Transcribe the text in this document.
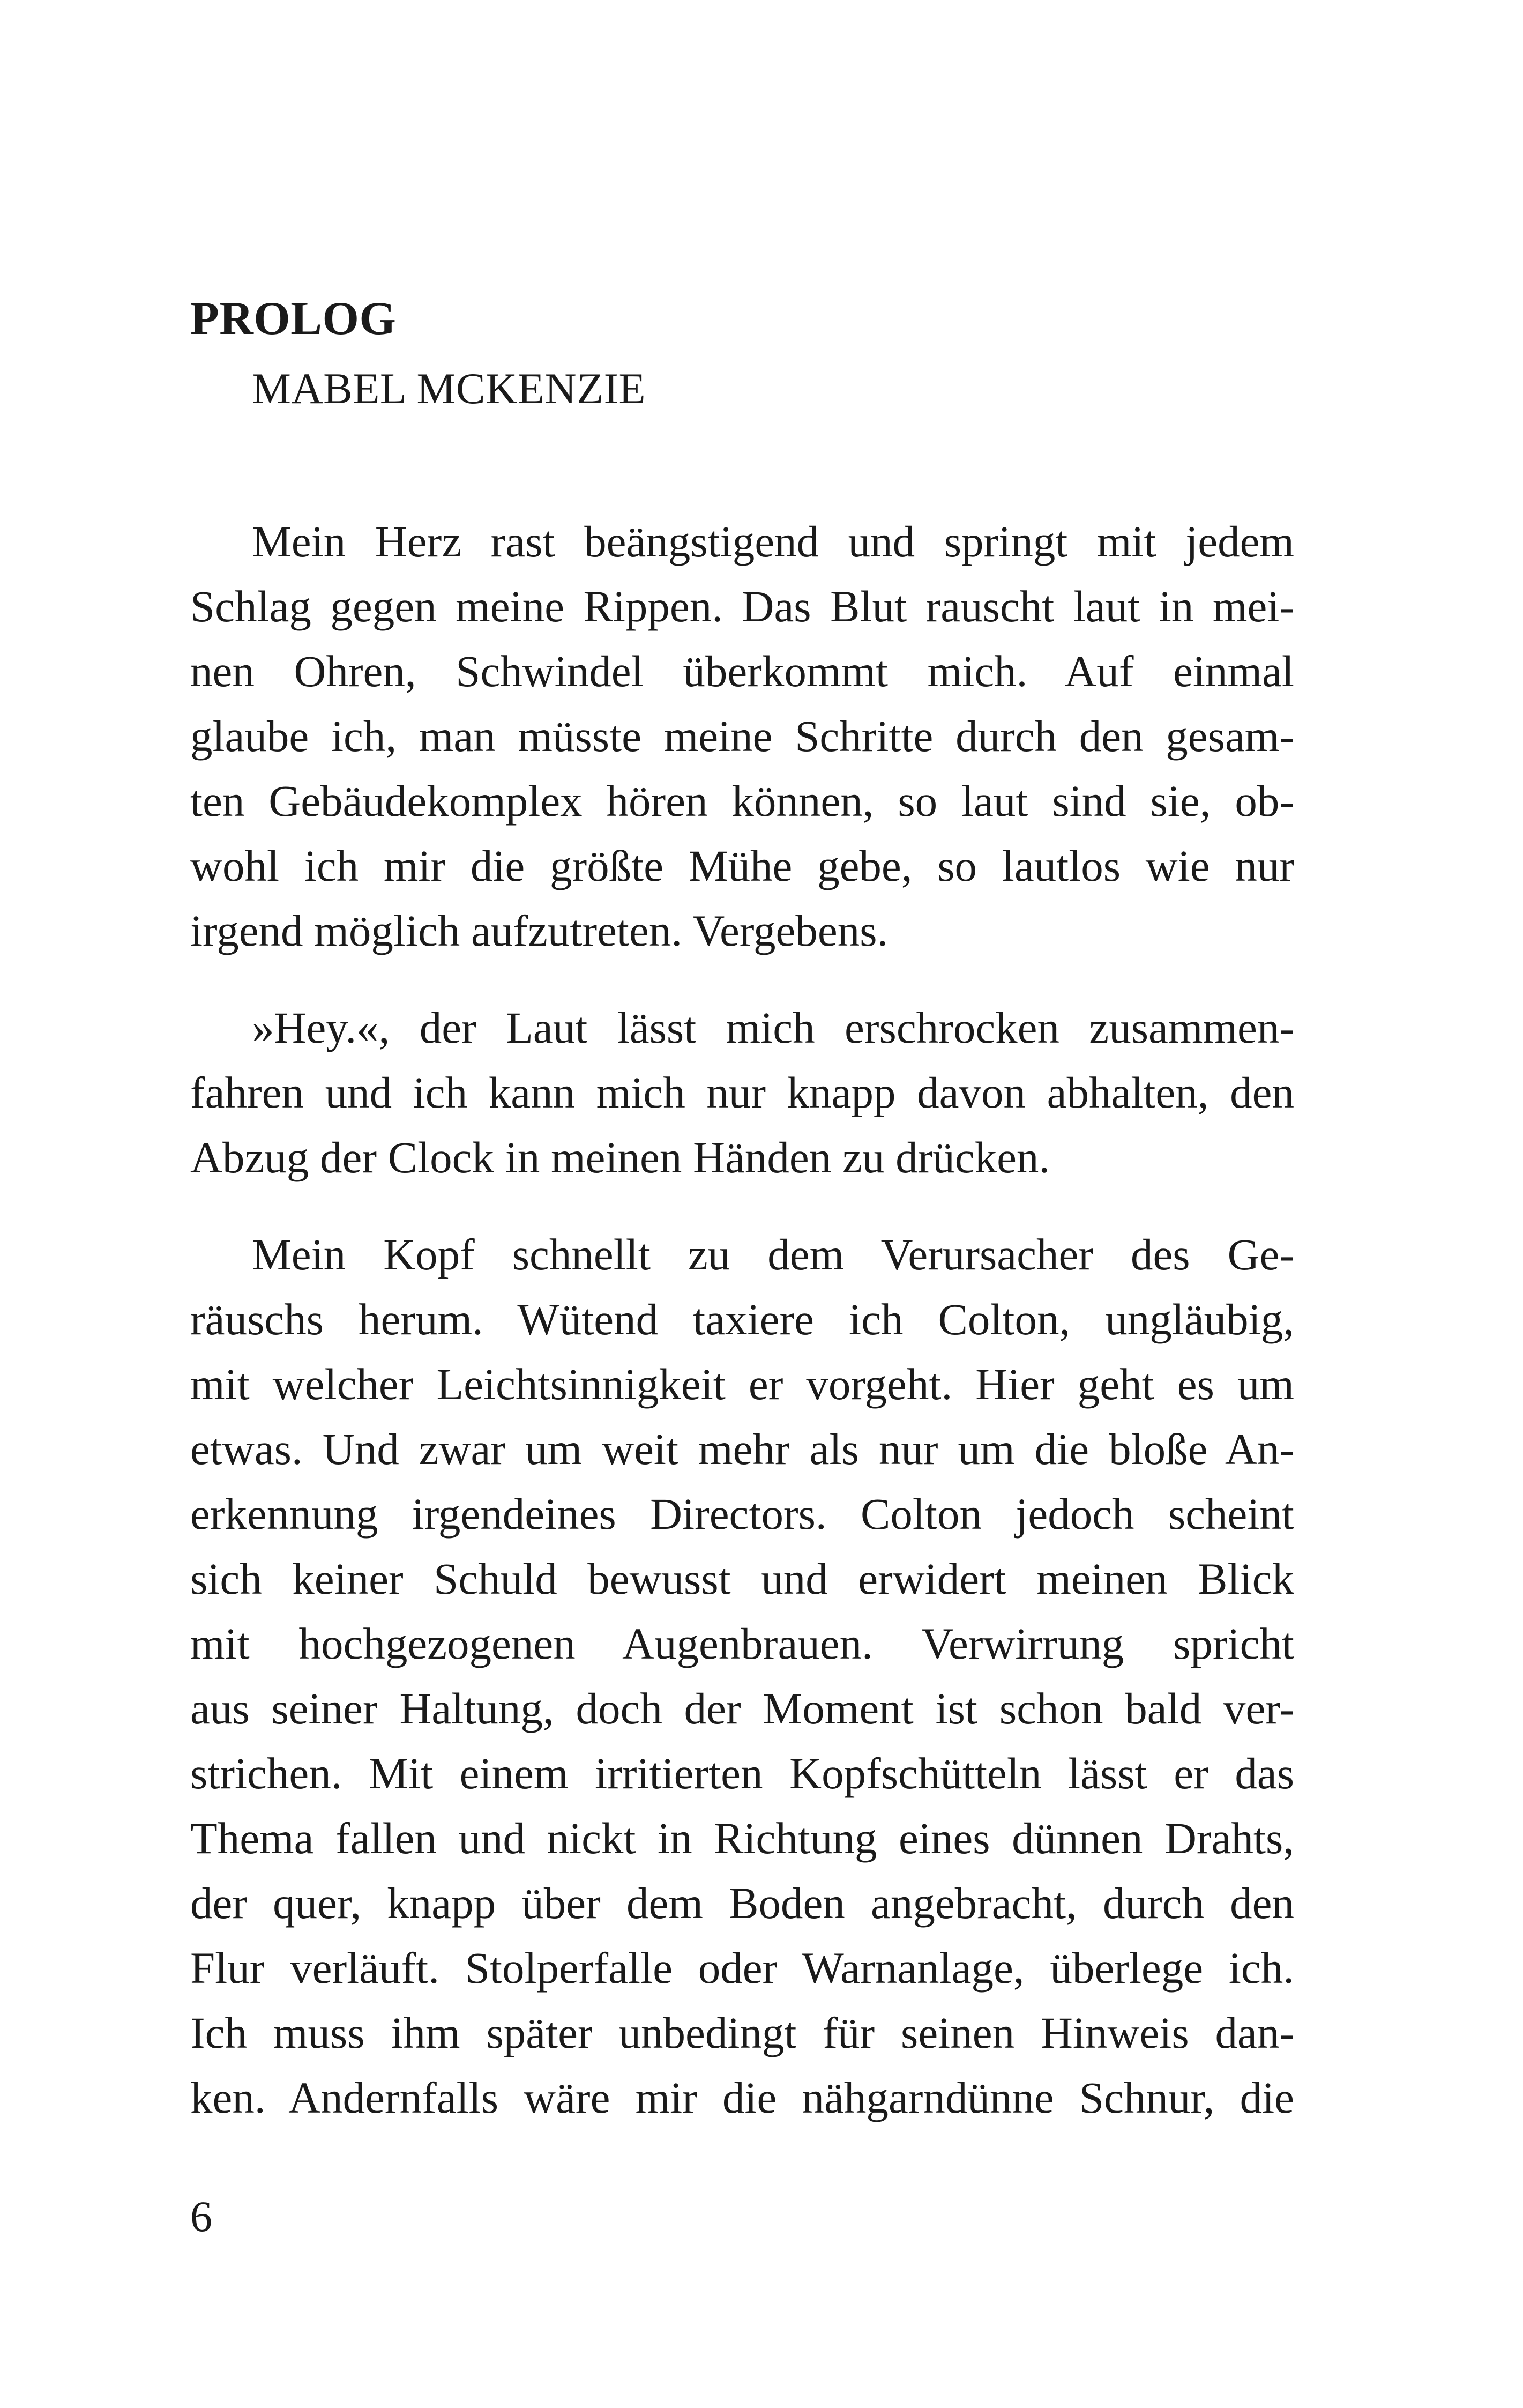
PROLOG
MABEL MCKENZIE
Mein Herz rast beängstigend und springt mit jedem
Schlag gegen meine Rippen. Das Blut rauscht laut in mei-
nen Ohren, Schwindel überkommt mich. Auf einmal
glaube ich, man müsste meine Schritte durch den gesam-
ten Gebäudekomplex hören können, so laut sind sie, ob-
wohl ich mir die größte Mühe gebe, so lautlos wie nur
irgend möglich aufzutreten. Vergebens.
»Hey.«, der Laut lässt mich erschrocken zusammen-
fahren und ich kann mich nur knapp davon abhalten, den
Abzug der Clock in meinen Händen zu drücken.
Mein Kopf schnellt zu dem Verursacher des Ge-
räuschs herum. Wütend taxiere ich Colton, ungläubig,
mit welcher Leichtsinnigkeit er vorgeht. Hier geht es um
etwas. Und zwar um weit mehr als nur um die bloße An-
erkennung irgendeines Directors. Colton jedoch scheint
sich keiner Schuld bewusst und erwidert meinen Blick
mit hochgezogenen Augenbrauen. Verwirrung spricht
aus seiner Haltung, doch der Moment ist schon bald ver-
strichen. Mit einem irritierten Kopfschütteln lässt er das
Thema fallen und nickt in Richtung eines dünnen Drahts,
der quer, knapp über dem Boden angebracht, durch den
Flur verläuft. Stolperfalle oder Warnanlage, überlege ich.
Ich muss ihm später unbedingt für seinen Hinweis dan-
ken. Andernfalls wäre mir die nähgarndünne Schnur, die
6
